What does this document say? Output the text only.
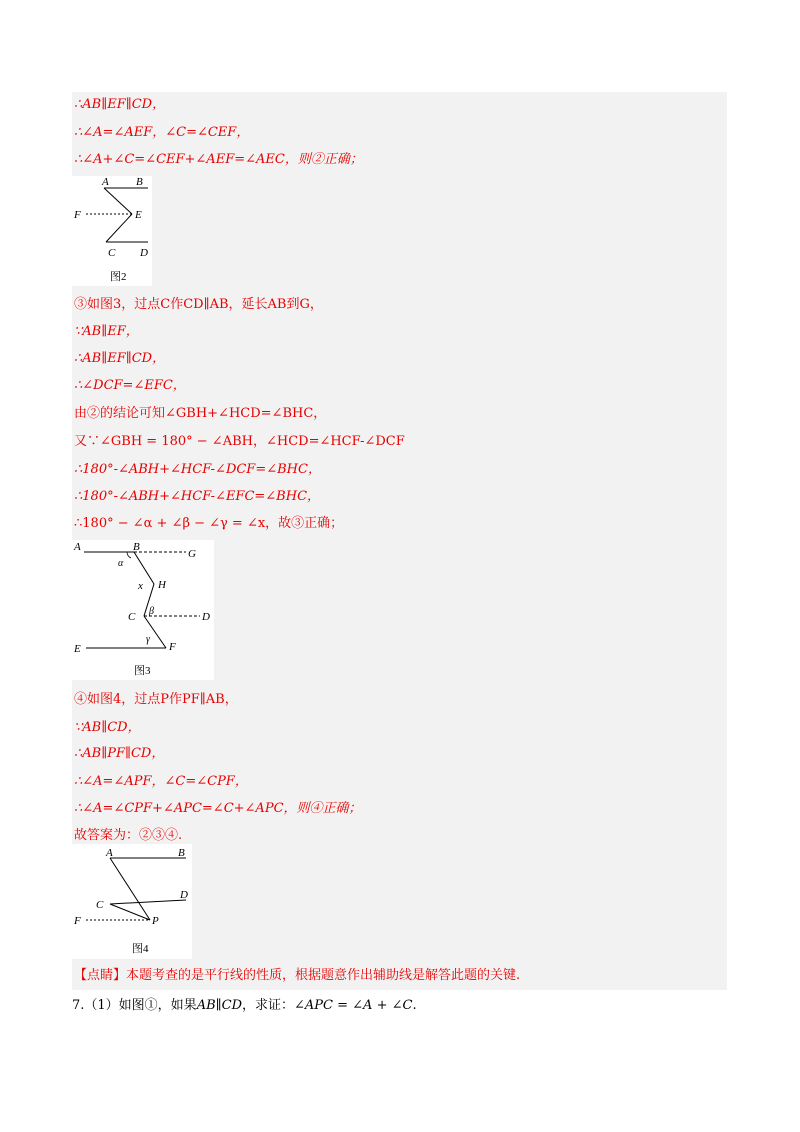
∴AB∥EF∥CD，
∴∠A=∠AEF，∠C=∠CEF，
∴∠A+∠C=∠CEF+∠AEF=∠AEC，则②正确；
A B
F	E
C D
图2
③如图3，过点C作CD∥AB，延长AB到G，
∵AB∥EF，
∴AB∥EF∥CD，
∴∠DCF=∠EFC，
由②的结论可知∠GBH+∠HCD=∠BHC，
又∵∠GBH = 180° − ∠ABH，∠HCD=∠HCF-∠DCF
∴180°-∠ABH+∠HCF-∠DCF=∠BHC，
∴180°-∠ABH+∠HCF-∠EFC=∠BHC，
∴180° − ∠α + ∠β − ∠γ = ∠x，故③正确；
A	B
G
α
x H
C β	D
E
γ
F
图3
④如图4，过点P作PF∥AB，
∵AB∥CD，
∴AB∥PF∥CD，
∴∠A=∠APF，∠C=∠CPF，
∴∠A=∠CPF+∠APC=∠C+∠APC，则④正确；
故答案为：②③④.
A	B
C
D
F	P
图4
【点睛】本题考查的是平行线的性质，根据题意作出辅助线是解答此题的关键.
7.（1）如图①，如果AB∥CD，求证：∠APC = ∠A + ∠C.
